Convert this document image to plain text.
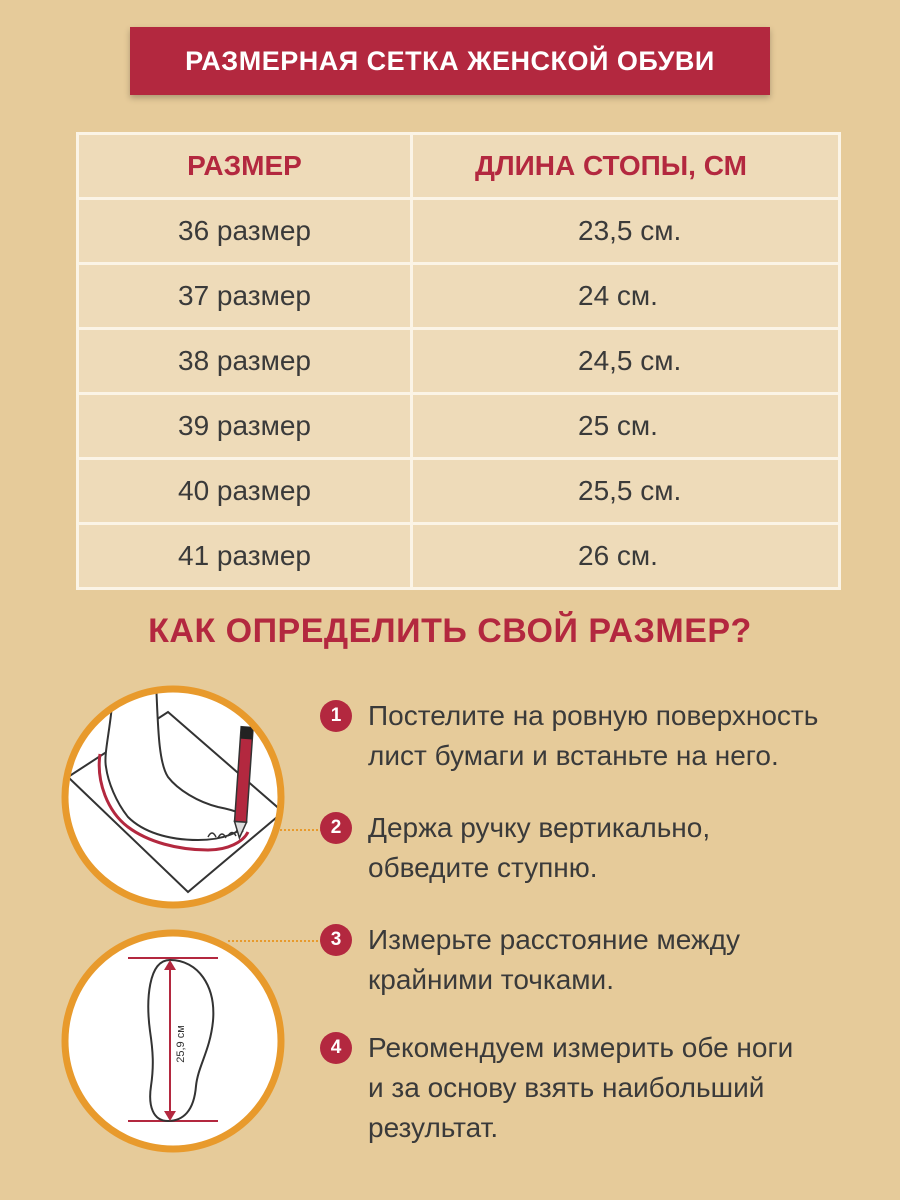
РАЗМЕРНАЯ СЕТКА ЖЕНСКОЙ ОБУВИ
РАЗМЕР	ДЛИНА СТОПЫ, СМ
36 размер	23,5 см.
37 размер	24 см.
38 размер	24,5 см.
39 размер	25 см.
40 размер	25,5 см.
41 размер	26 см.
КАК ОПРЕДЕЛИТЬ СВОЙ РАЗМЕР?
25,9 см
1 Постелите на ровную поверхность
лист бумаги и встаньте на него.
2 Держа ручку вертикально,
обведите ступню.
3 Измерьте расстояние между
крайними точками.
4 Рекомендуем измерить обе ноги
и за основу взять наибольший
результат.
